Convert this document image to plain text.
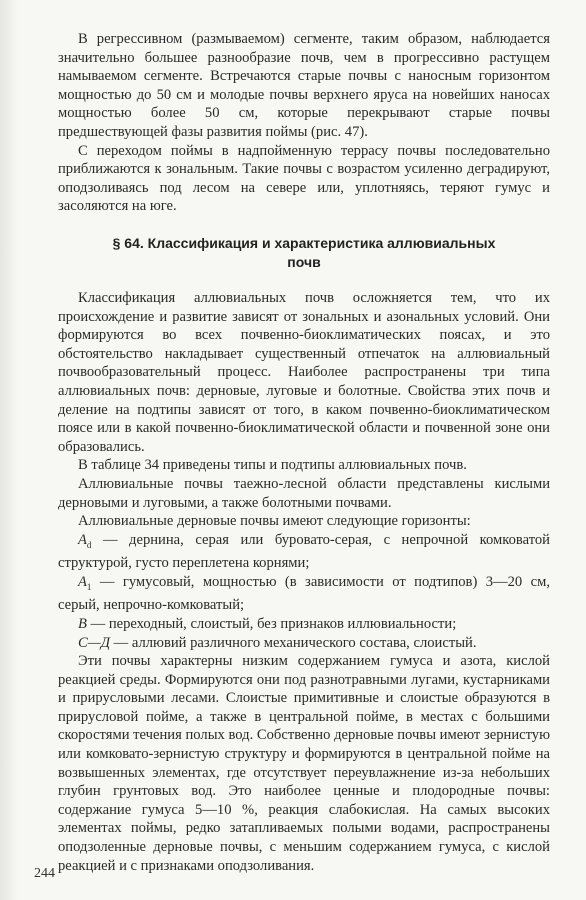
В регрессивном (размываемом) сегменте, таким образом, наблюдается значительно большее разнообразие почв, чем в прогрессивно растущем намываемом сегменте. Встречаются старые почвы с наносным горизонтом мощностью до 50 см и молодые почвы верхнего яруса на новейших наносах мощностью более 50 см, которые перекрывают старые почвы предшествующей фазы развития поймы (рис. 47).

С переходом поймы в надпойменную террасу почвы последовательно приближаются к зональным. Такие почвы с возрастом усиленно деградируют, оподзоливаясь под лесом на севере или, уплотняясь, теряют гумус и засоляются на юге.

§ 64. Классификация и характеристика аллювиальных
почв

Классификация аллювиальных почв осложняется тем, что их происхождение и развитие зависят от зональных и азональных условий. Они формируются во всех почвенно-биоклиматических поясах, и это обстоятельство накладывает существенный отпечаток на аллювиальный почвообразовательный процесс. Наиболее распространены три типа аллювиальных почв: дерновые, луговые и болотные. Свойства этих почв и деление на подтипы зависят от того, в каком почвенно-биоклиматическом поясе или в какой почвенно-биоклиматической области и почвенной зоне они образовались.

В таблице 34 приведены типы и подтипы аллювиальных почв.

Аллювиальные почвы таежно-лесной области представлены кислыми дерновыми и луговыми, а также болотными почвами.

Аллювиальные дерновые почвы имеют следующие горизонты:

$A_d$ — дернина, серая или буровато-серая, с непрочной комковатой структурой, густо переплетена корнями;

$A_1$ — гумусовый, мощностью (в зависимости от подтипов) 3—20 см, серый, непрочно-комковатый;

B — переходный, слоистый, без признаков иллювиальности;

C—Д — аллювий различного механического состава, слоистый.

Эти почвы характерны низким содержанием гумуса и азота, кислой реакцией среды. Формируются они под разнотравными лугами, кустарниками и прирусловыми лесами. Слоистые примитивные и слоистые образуются в прирусловой пойме, а также в центральной пойме, в местах с большими скоростями течения полых вод. Собственно дерновые почвы имеют зернистую или комковато-зернистую структуру и формируются в центральной пойме на возвышенных элементах, где отсутствует переувлажнение из-за небольших глубин грунтовых вод. Это наиболее ценные и плодородные почвы: содержание гумуса 5—10 %, реакция слабокислая. На самых высоких элементах поймы, редко затапливаемых полыми водами, распространены оподзоленные дерновые почвы, с меньшим содержанием гумуса, с кислой реакцией и с признаками оподзоливания.

244
